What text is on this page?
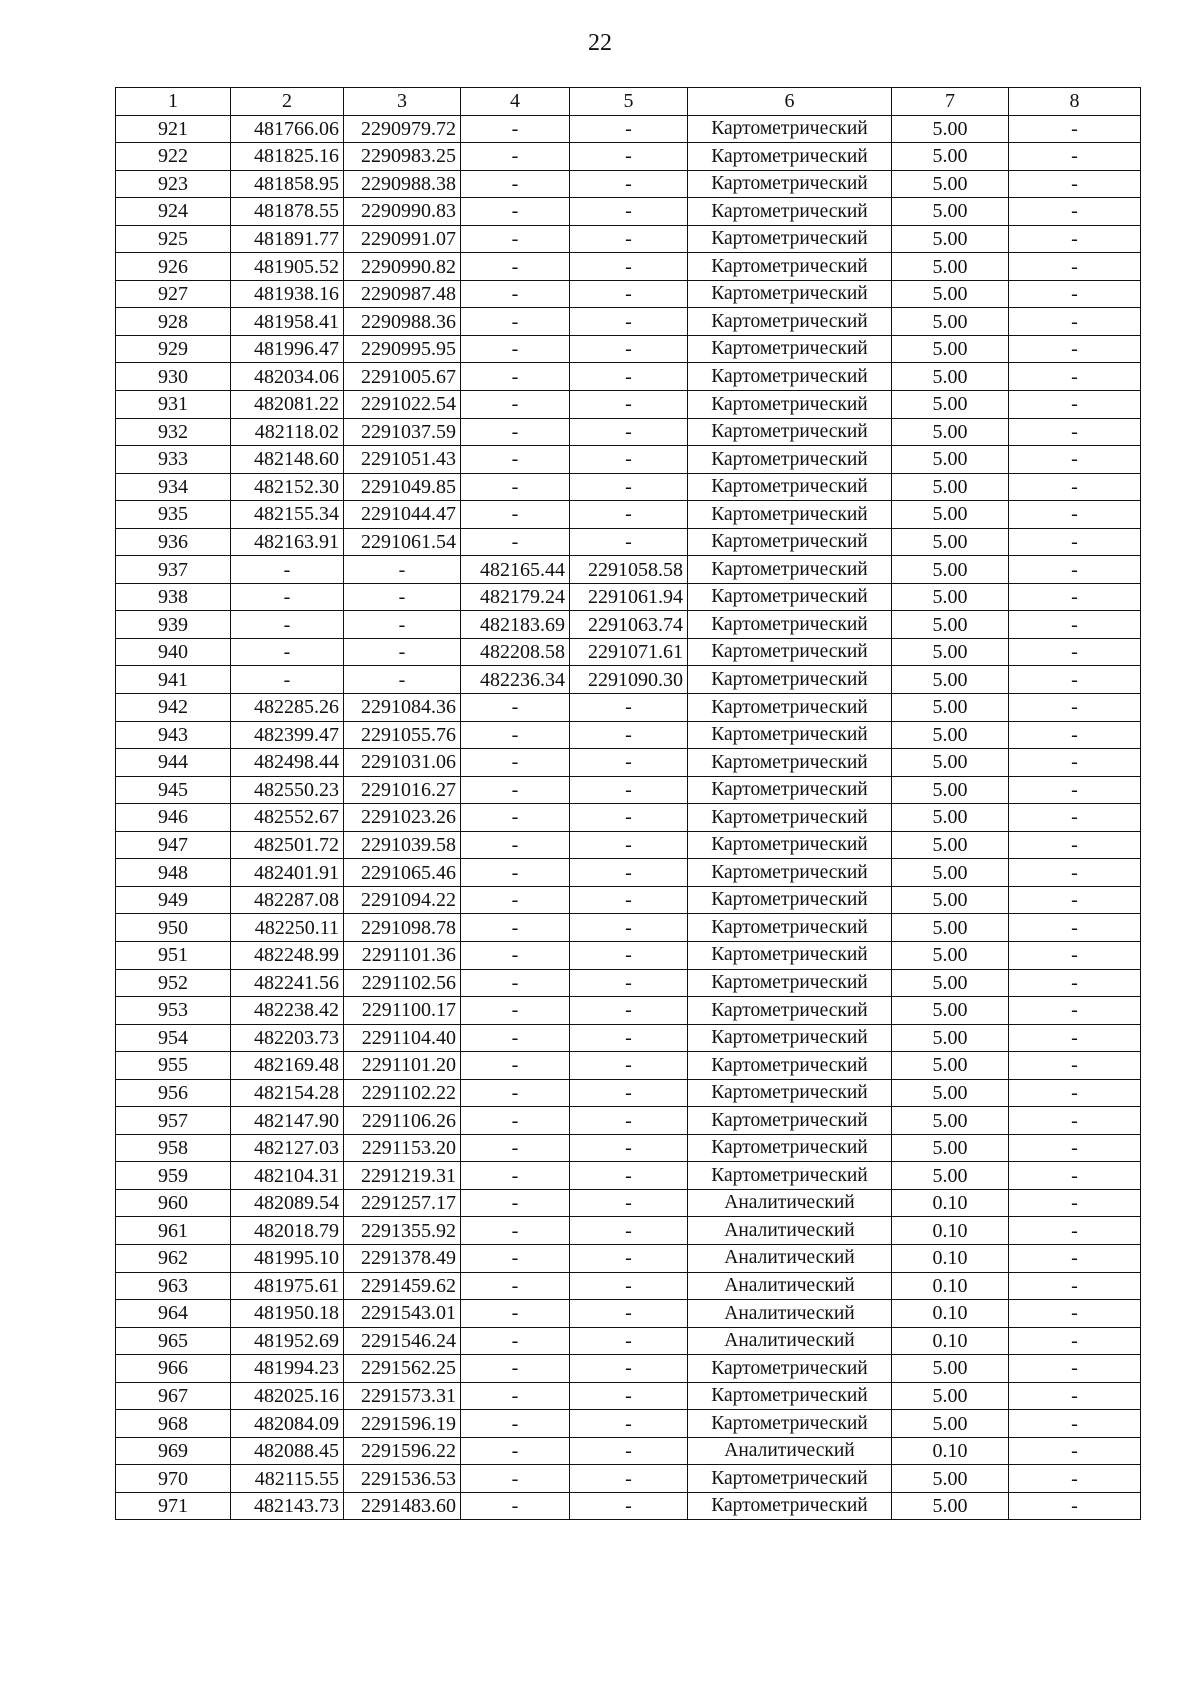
22
1	2	3	4	5	6	7	8
921	481766.06	2290979.72	-	-	Картометрический	5.00	-
922	481825.16	2290983.25	-	-	Картометрический	5.00	-
923	481858.95	2290988.38	-	-	Картометрический	5.00	-
924	481878.55	2290990.83	-	-	Картометрический	5.00	-
925	481891.77	2290991.07	-	-	Картометрический	5.00	-
926	481905.52	2290990.82	-	-	Картометрический	5.00	-
927	481938.16	2290987.48	-	-	Картометрический	5.00	-
928	481958.41	2290988.36	-	-	Картометрический	5.00	-
929	481996.47	2290995.95	-	-	Картометрический	5.00	-
930	482034.06	2291005.67	-	-	Картометрический	5.00	-
931	482081.22	2291022.54	-	-	Картометрический	5.00	-
932	482118.02	2291037.59	-	-	Картометрический	5.00	-
933	482148.60	2291051.43	-	-	Картометрический	5.00	-
934	482152.30	2291049.85	-	-	Картометрический	5.00	-
935	482155.34	2291044.47	-	-	Картометрический	5.00	-
936	482163.91	2291061.54	-	-	Картометрический	5.00	-
937	-	-	482165.44	2291058.58	Картометрический	5.00	-
938	-	-	482179.24	2291061.94	Картометрический	5.00	-
939	-	-	482183.69	2291063.74	Картометрический	5.00	-
940	-	-	482208.58	2291071.61	Картометрический	5.00	-
941	-	-	482236.34	2291090.30	Картометрический	5.00	-
942	482285.26	2291084.36	-	-	Картометрический	5.00	-
943	482399.47	2291055.76	-	-	Картометрический	5.00	-
944	482498.44	2291031.06	-	-	Картометрический	5.00	-
945	482550.23	2291016.27	-	-	Картометрический	5.00	-
946	482552.67	2291023.26	-	-	Картометрический	5.00	-
947	482501.72	2291039.58	-	-	Картометрический	5.00	-
948	482401.91	2291065.46	-	-	Картометрический	5.00	-
949	482287.08	2291094.22	-	-	Картометрический	5.00	-
950	482250.11	2291098.78	-	-	Картометрический	5.00	-
951	482248.99	2291101.36	-	-	Картометрический	5.00	-
952	482241.56	2291102.56	-	-	Картометрический	5.00	-
953	482238.42	2291100.17	-	-	Картометрический	5.00	-
954	482203.73	2291104.40	-	-	Картометрический	5.00	-
955	482169.48	2291101.20	-	-	Картометрический	5.00	-
956	482154.28	2291102.22	-	-	Картометрический	5.00	-
957	482147.90	2291106.26	-	-	Картометрический	5.00	-
958	482127.03	2291153.20	-	-	Картометрический	5.00	-
959	482104.31	2291219.31	-	-	Картометрический	5.00	-
960	482089.54	2291257.17	-	-	Аналитический	0.10	-
961	482018.79	2291355.92	-	-	Аналитический	0.10	-
962	481995.10	2291378.49	-	-	Аналитический	0.10	-
963	481975.61	2291459.62	-	-	Аналитический	0.10	-
964	481950.18	2291543.01	-	-	Аналитический	0.10	-
965	481952.69	2291546.24	-	-	Аналитический	0.10	-
966	481994.23	2291562.25	-	-	Картометрический	5.00	-
967	482025.16	2291573.31	-	-	Картометрический	5.00	-
968	482084.09	2291596.19	-	-	Картометрический	5.00	-
969	482088.45	2291596.22	-	-	Аналитический	0.10	-
970	482115.55	2291536.53	-	-	Картометрический	5.00	-
971	482143.73	2291483.60	-	-	Картометрический	5.00	-
